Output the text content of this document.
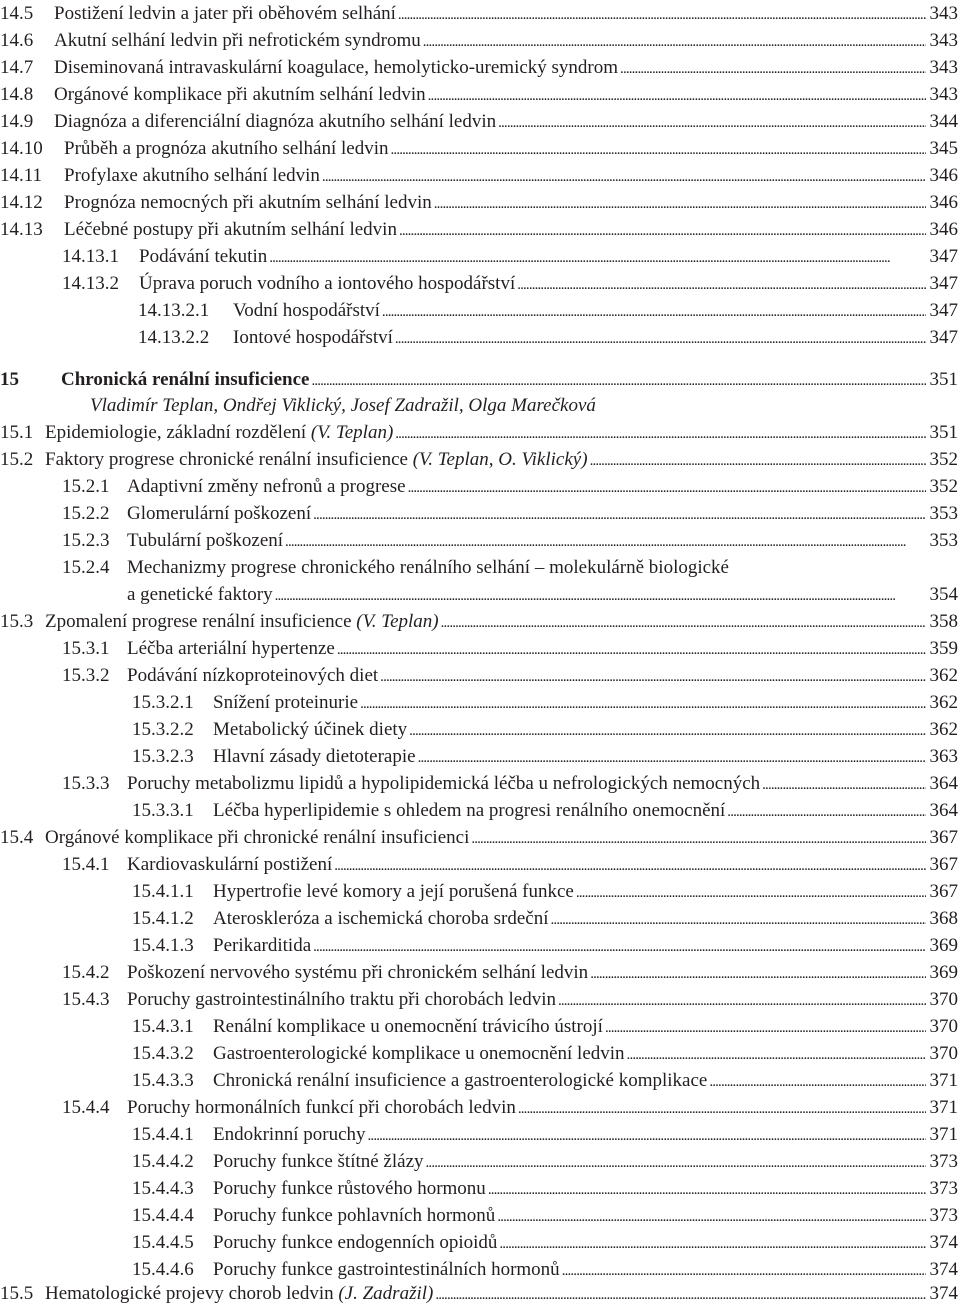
14.5	Postižení ledvin a jater při oběhovém selhání . . .	343
14.6	Akutní selhání ledvin při nefrotickém syndromu . . .	343
14.7	Diseminovaná intravaskulární koagulace, hemolyticko-uremický syndrom . . .	343
14.8	Orgánové komplikace při akutním selhání ledvin . . .	343
14.9	Diagnóza a diferenciální diagnóza akutního selhání ledvin . . .	344
14.10	Průběh a prognóza akutního selhání ledvin . . .	345
14.11	Profylaxe akutního selhání ledvin . . .	346
14.12	Prognóza nemocných při akutním selhání ledvin . . .	346
14.13	Léčebné postupy při akutním selhání ledvin . . .	346
14.13.1	Podávání tekutin . . .	347
14.13.2	Úprava poruch vodního a iontového hospodářství . . .	347
14.13.2.1	Vodní hospodářství . . .	347
14.13.2.2	Iontové hospodářství . . .	347
15	Chronická renální insuficience . . .	351
Vladimír Teplan, Ondřej Viklický, Josef Zadražil, Olga Marečková
15.1 Epidemiologie, základní rozdělení (V. Teplan) . . .	351
15.2 Faktory progrese chronické renální insuficience (V. Teplan, O. Viklický) . . .	352
15.2.1 Adaptivní změny nefronů a progrese . . .	352
15.2.2 Glomerulární poškození . . .	353
15.2.3 Tubulární poškození . . .	353
15.2.4 Mechanizmy progrese chronického renálního selhání – molekulárně biologické
a genetické faktory . . .	354
15.3 Zpomalení progrese renální insuficience (V. Teplan) . . .	358
15.3.1 Léčba arteriální hypertenze . . .	359
15.3.2 Podávání nízkoproteinových diet . . .	362
15.3.2.1	Snížení proteinurie . . .	362
15.3.2.2	Metabolický účinek diety . . .	362
15.3.2.3	Hlavní zásady dietoterapie . . .	363
15.3.3 Poruchy metabolizmu lipidů a hypolipidemická léčba u nefrologických nemocných . . .	364
15.3.3.1	Léčba hyperlipidemie s ohledem na progresi renálního onemocnění . . .	364
15.4 Orgánové komplikace při chronické renální insuficienci . . .	367
15.4.1 Kardiovaskulární postižení . . .	367
15.4.1.1	Hypertrofie levé komory a její porušená funkce . . .	367
15.4.1.2	Ateroskleróza a ischemická choroba srdeční . . .	368
15.4.1.3	Perikarditida . . .	369
15.4.2 Poškození nervového systému při chronickém selhání ledvin . . .	369
15.4.3 Poruchy gastrointestinálního traktu při chorobách ledvin . . .	370
15.4.3.1	Renální komplikace u onemocnění trávicího ústrojí . . .	370
15.4.3.2	Gastroenterologické komplikace u onemocnění ledvin . . .	370
15.4.3.3	Chronická renální insuficience a gastroenterologické komplikace . . .	371
15.4.4 Poruchy hormonálních funkcí při chorobách ledvin . . .	371
15.4.4.1	Endokrinní poruchy . . .	371
15.4.4.2	Poruchy funkce štítné žlázy . . .	373
15.4.4.3	Poruchy funkce růstového hormonu . . .	373
15.4.4.4	Poruchy funkce pohlavních hormonů . . .	373
15.4.4.5	Poruchy funkce endogenních opioidů . . .	374
15.4.4.6	Poruchy funkce gastrointestinálních hormonů . . .	374
15.5 Hematologické projevy chorob ledvin (J. Zadražil) . . .	374
